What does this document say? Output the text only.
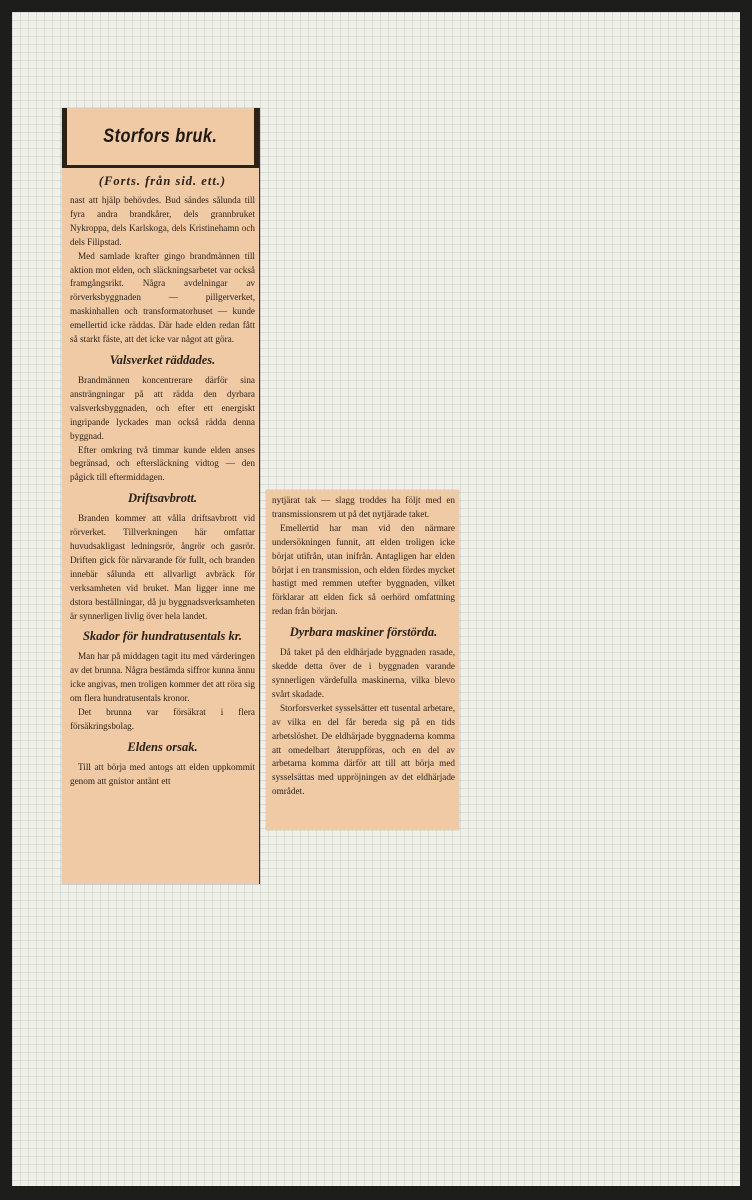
Storfors bruk.
(Forts. från sid. ett.)

nast att hjälp behövdes. Bud sändes sålunda till fyra andra brandkårer, dels grannbruket Nykroppa, dels Karlskoga, dels Kristinehamn och dels Filipstad.

Med samlade krafter gingo brandmännen till aktion mot elden, och släckningsarbetet var också framgångsrikt. Några avdelningar av rörverksbyggnaden — pillgerverket, maskinhallen och transformatorhuset — kunde emellertid icke räddas. Där hade elden redan fått så starkt fäste, att det icke var något att göra.

Valsverket räddades.

Brandmännen koncentrerare därför sina ansträngningar på att rädda den dyrbara valsverksbyggnaden, och efter ett energiskt ingripande lyckades man också rädda denna byggnad.

Efter omkring två timmar kunde elden anses begränsad, och eftersläckning vidtog — den pågick till eftermiddagen.

Driftsavbrott.

Branden kommer att vålla driftsavbrott vid rörverket. Tillverkningen här omfattar huvudsakligast ledningsrör, ångrör och gasrör. Driften gick för närvarande för fullt, och branden innebär sålunda ett allvarligt avbräck för verksamheten vid bruket. Man ligger inne me dstora beställningar, då ju byggnadsverksamheten är synnerligen livlig över hela landet.

Skador för hundratusentals kr.

Man har på middagen tagit itu med värderingen av det brunna. Några bestämda siffror kunna ännu icke angivas, men troligen kommer det att röra sig om flera hundratusentals kronor.

Det brunna var försäkrat i flera försäkringsbolag.

Eldens orsak.

Till att börja med antogs att elden uppkommit genom att gnistor antänt ett

nytjärat tak — slagg troddes ha följt med en transmissionsrem ut på det nytjärade taket.

Emellertid har man vid den närmare undersökningen funnit, att elden troligen icke börjat utifrån, utan inifrån. Antagligen har elden börjat i en transmission, och elden fördes mycket hastigt med remmen utefter byggnaden, vilket förklarar att elden fick så oerhörd omfattning redan från början.

Dyrbara maskiner förstörda.

Då taket på den eldhärjade byggnaden rasade, skedde detta över de i byggnaden varande synnerligen värdefulla maskinerna, vilka blevo svårt skadade.

Storforsverket sysselsätter ett tusental arbetare, av vilka en del får bereda sig på en tids arbetslöshet. De eldhärjade byggnaderna komma att omedelbart återuppföras, och en del av arbetarna komma därför att till att börja med sysselsättas med uppröjningen av det eldhärjade området.
